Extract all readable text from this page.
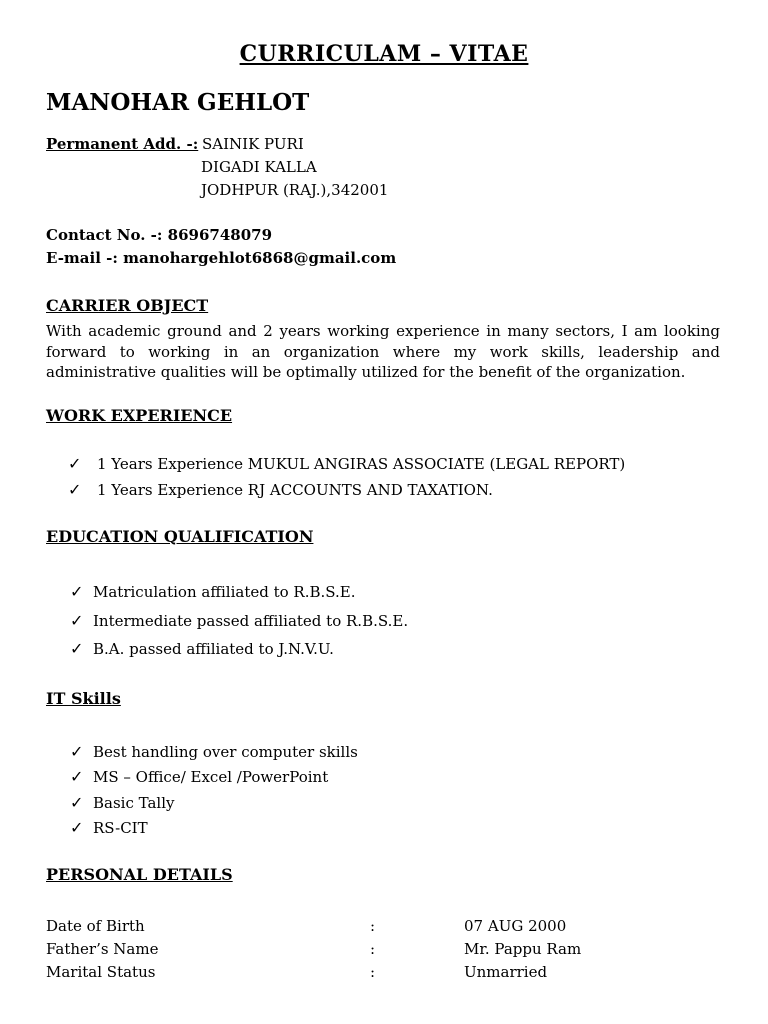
CURRICULAM – VITAE
MANOHAR GEHLOT
Permanent Add. -: SAINIK PURI
DIGADI KALLA
JODHPUR (RAJ.),342001
Contact No. -: 8696748079
E-mail -: manohargehlot6868@gmail.com
CARRIER OBJECT
With academic ground and 2 years working experience in many sectors, I am looking forward to working in an organization where my work skills, leadership and administrative qualities will be optimally utilized for the benefit of the organization.
WORK EXPERIENCE
✓ 1 Years Experience MUKUL ANGIRAS ASSOCIATE (LEGAL REPORT)
✓ 1 Years Experience RJ ACCOUNTS AND TAXATION.
EDUCATION QUALIFICATION
✓ Matriculation affiliated to R.B.S.E.
✓ Intermediate passed affiliated to R.B.S.E.
✓ B.A. passed affiliated to J.N.V.U.
IT Skills
✓ Best handling over computer skills
✓ MS – Office/ Excel /PowerPoint
✓ Basic Tally
✓ RS-CIT
PERSONAL DETAILS
Date of Birth	:	07 AUG 2000
Father’s Name	:	Mr. Pappu Ram
Marital Status	:	Unmarried
